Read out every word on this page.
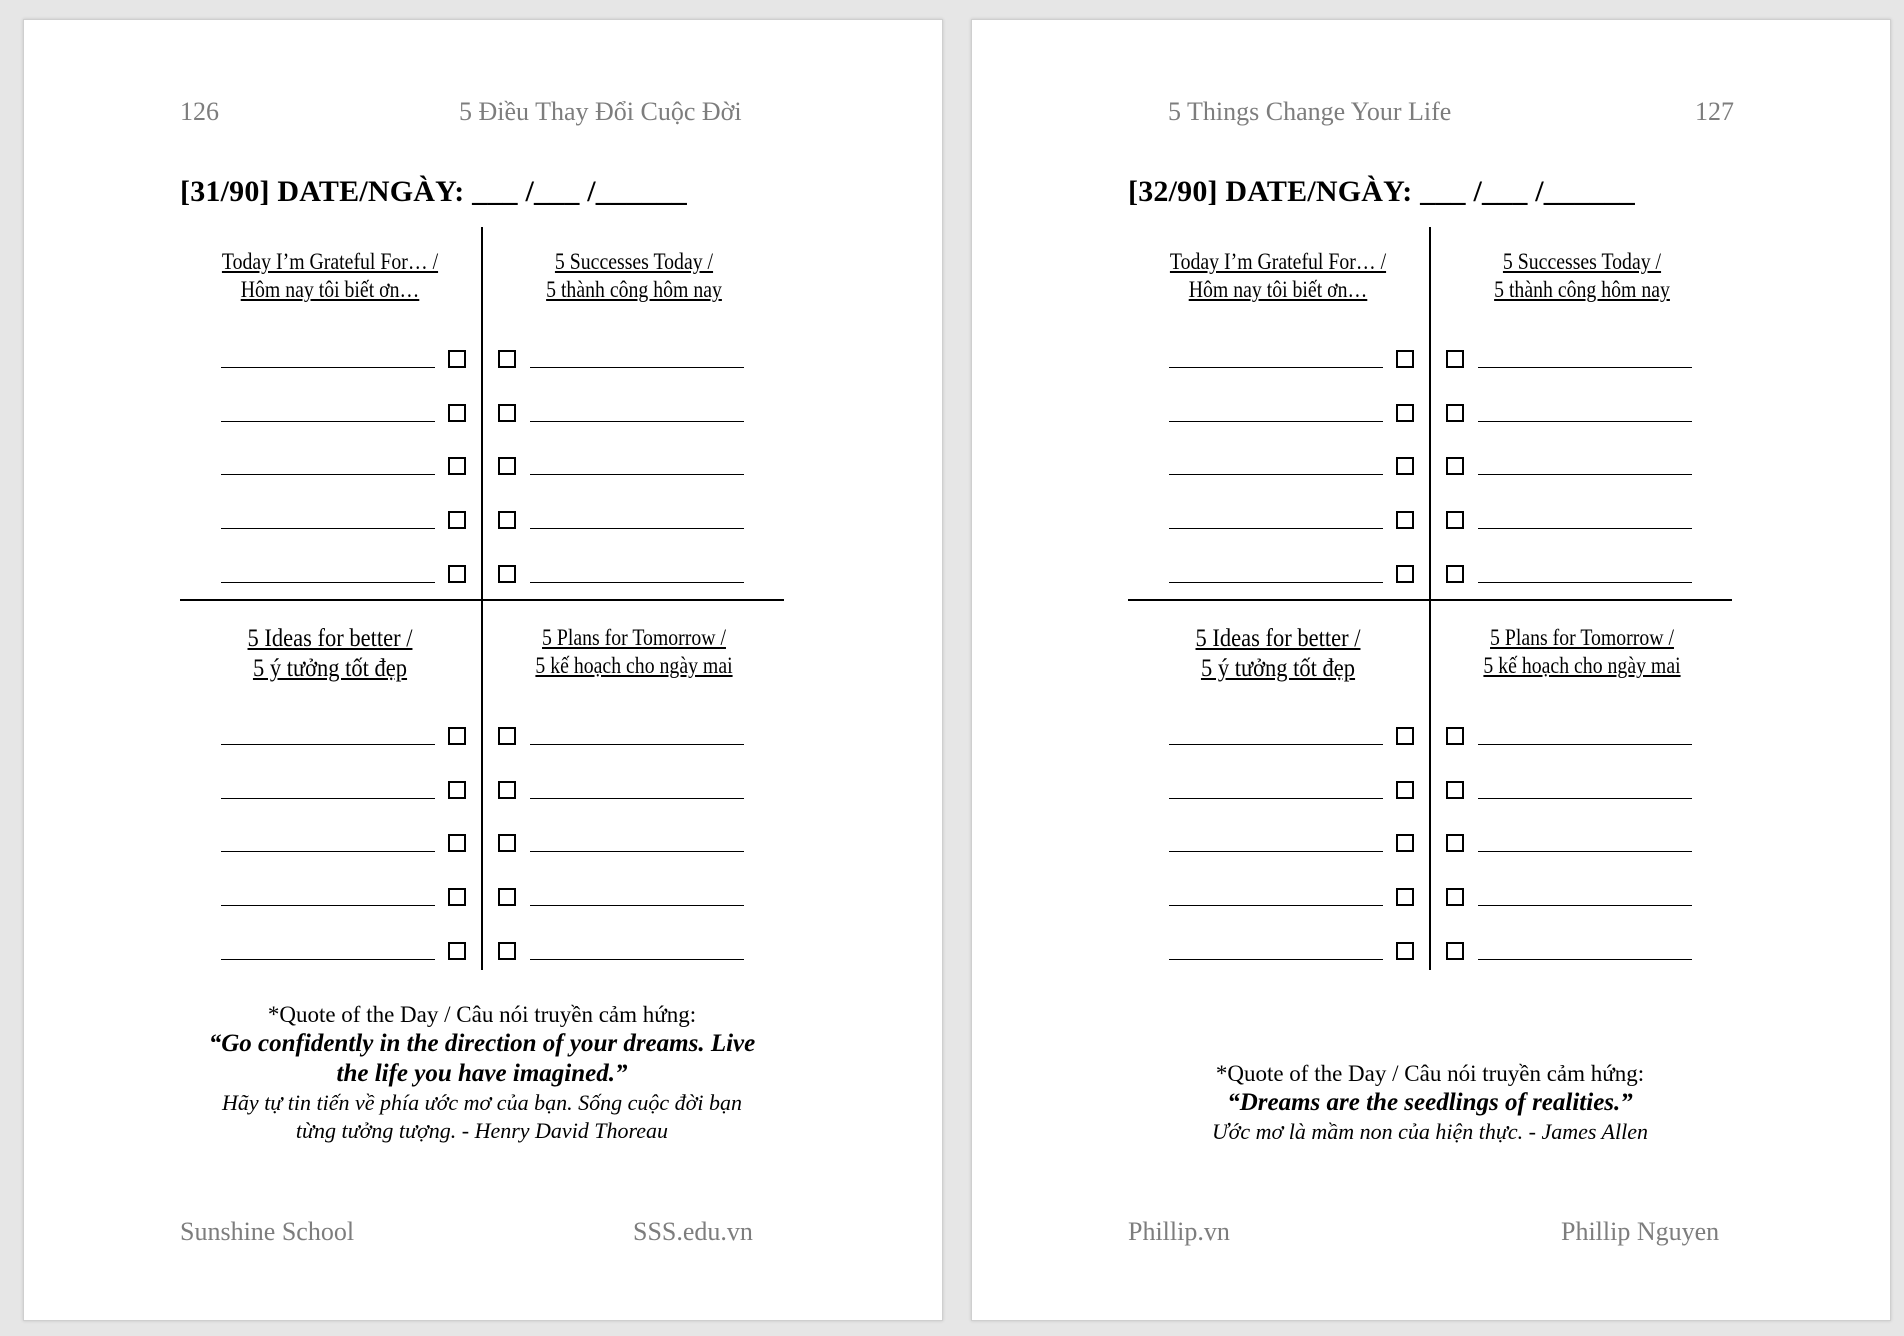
126	5 Điều Thay Đổi Cuộc Đời
[31/90] DATE/NGÀY: ___ /___ /______
Today I’m Grateful For… /
Hôm nay tôi biết ơn…
5 Successes Today /
5 thành công hôm nay
5 Ideas for better /
5 ý tưởng tốt đẹp
5 Plans for Tomorrow /
5 kế hoạch cho ngày mai
*Quote of the Day / Câu nói truyền cảm hứng:
“Go confidently in the direction of your dreams. Live
the life you have imagined.”
Hãy tự tin tiến về phía ước mơ của bạn. Sống cuộc đời bạn
từng tưởng tượng. - Henry David Thoreau
Sunshine School	SSS.edu.vn
5 Things Change Your Life	127
[32/90] DATE/NGÀY: ___ /___ /______
Today I’m Grateful For… /
Hôm nay tôi biết ơn…
5 Successes Today /
5 thành công hôm nay
5 Ideas for better /
5 ý tưởng tốt đẹp
5 Plans for Tomorrow /
5 kế hoạch cho ngày mai
*Quote of the Day / Câu nói truyền cảm hứng:
“Dreams are the seedlings of realities.”
Ước mơ là mầm non của hiện thực. - James Allen
Phillip.vn	Phillip Nguyen
